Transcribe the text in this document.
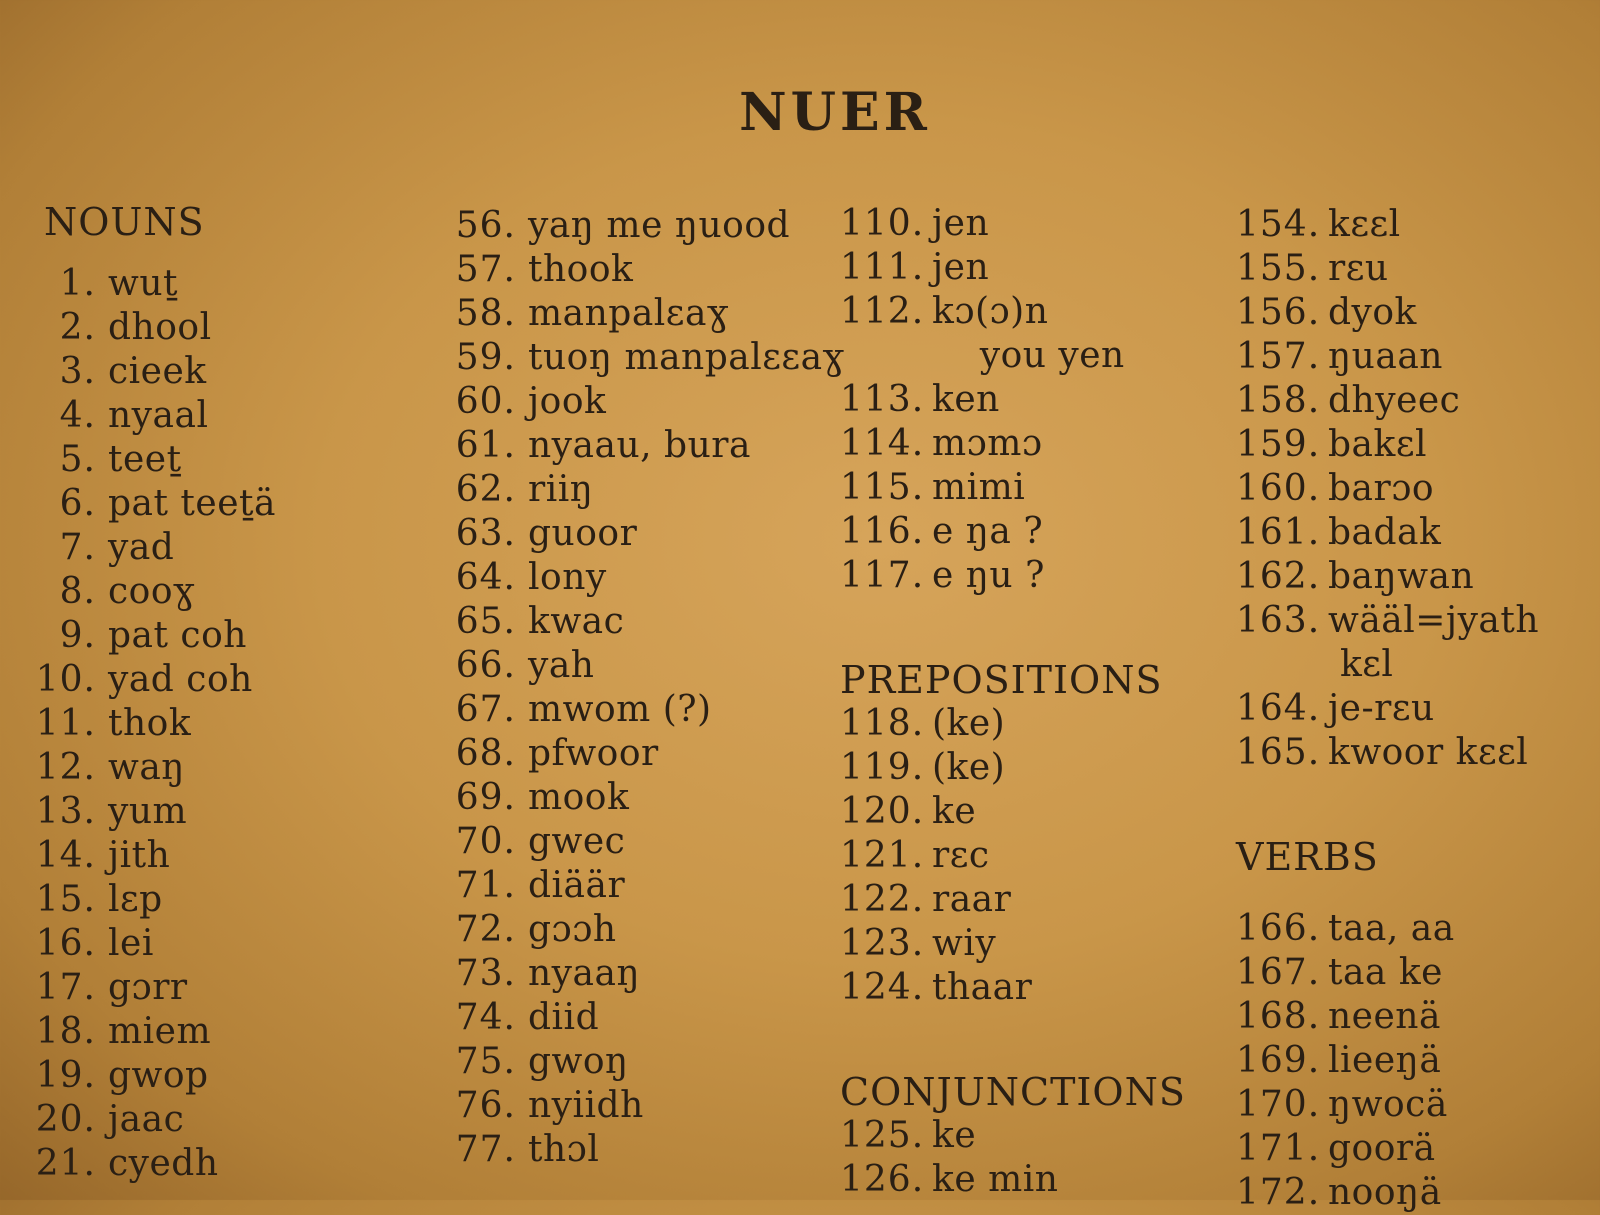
NUER
NOUNS
1. wuṯ
2. dhool
3. cieek
4. nyaal
5. teeṯ
6. pat teeṯä
7. yad
8. cooɣ
9. pat coh
10. yad coh
11. thok
12. waŋ
13. yum
14. jith
15. lɛp
16. lei
17. gɔrr
18. miem
19. gwop
20. jaac
21. cyedh
56. yaŋ me ŋuood
57. thook
58. manpalɛaɣ
59. tuoŋ manpalɛɛaɣ
60. jook
61. nyaau, bura
62. riiŋ
63. guoor
64. lony
65. kwac
66. yah
67. mwom (?)
68. pfwoor
69. mook
70. gwec
71. diäär
72. gɔɔh
73. nyaaŋ
74. diid
75. gwoŋ
76. nyiidh
77. thɔl
110. jen
111. jen
112. kɔ(ɔ)n
you yen
113. ken
114. mɔmɔ
115. mimi
116. e ŋa ?
117. e ŋu ?
PREPOSITIONS
118. (ke)
119. (ke)
120. ke
121. rɛc
122. raar
123. wiy
124. thaar
CONJUNCTIONS
125. ke
126. ke min
154. kɛɛl
155. rɛu
156. dyok
157. ŋuaan
158. dhyeec
159. bakɛl
160. barɔo
161. badak
162. baŋwan
163. wääl=jyath
kɛl
164. je-rɛu
165. kwoor kɛɛl
VERBS
166. taa, aa
167. taa ke
168. neenä
169. lieeŋä
170. ŋwocä
171. goorä
172. nooŋä
